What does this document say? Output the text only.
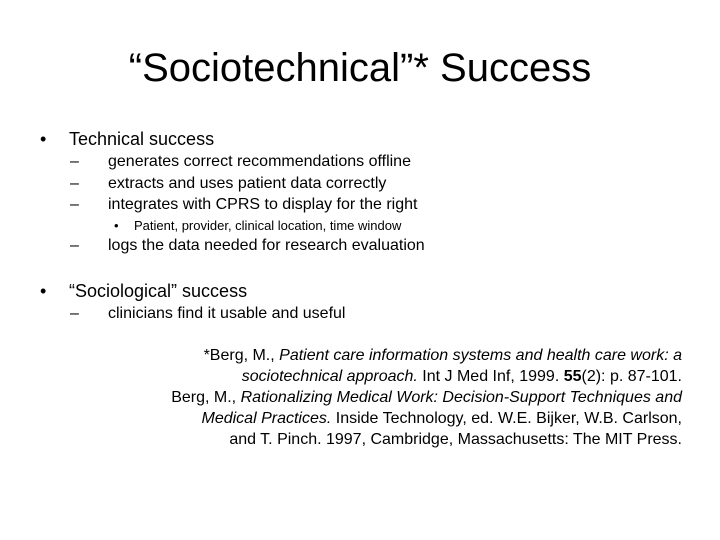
“Sociotechnical”* Success
• Technical success
– generates correct recommendations offline
– extracts and uses patient data correctly
– integrates with CPRS to display for the right
• Patient, provider, clinical location, time window
– logs the data needed for research evaluation
• “Sociological” success
– clinicians find it usable and useful
*Berg, M., Patient care information systems and health care work: a
sociotechnical approach. Int J Med Inf, 1999. 55(2): p. 87-101.
Berg, M., Rationalizing Medical Work: Decision-Support Techniques and
Medical Practices. Inside Technology, ed. W.E. Bijker, W.B. Carlson,
and T. Pinch. 1997, Cambridge, Massachusetts: The MIT Press.
